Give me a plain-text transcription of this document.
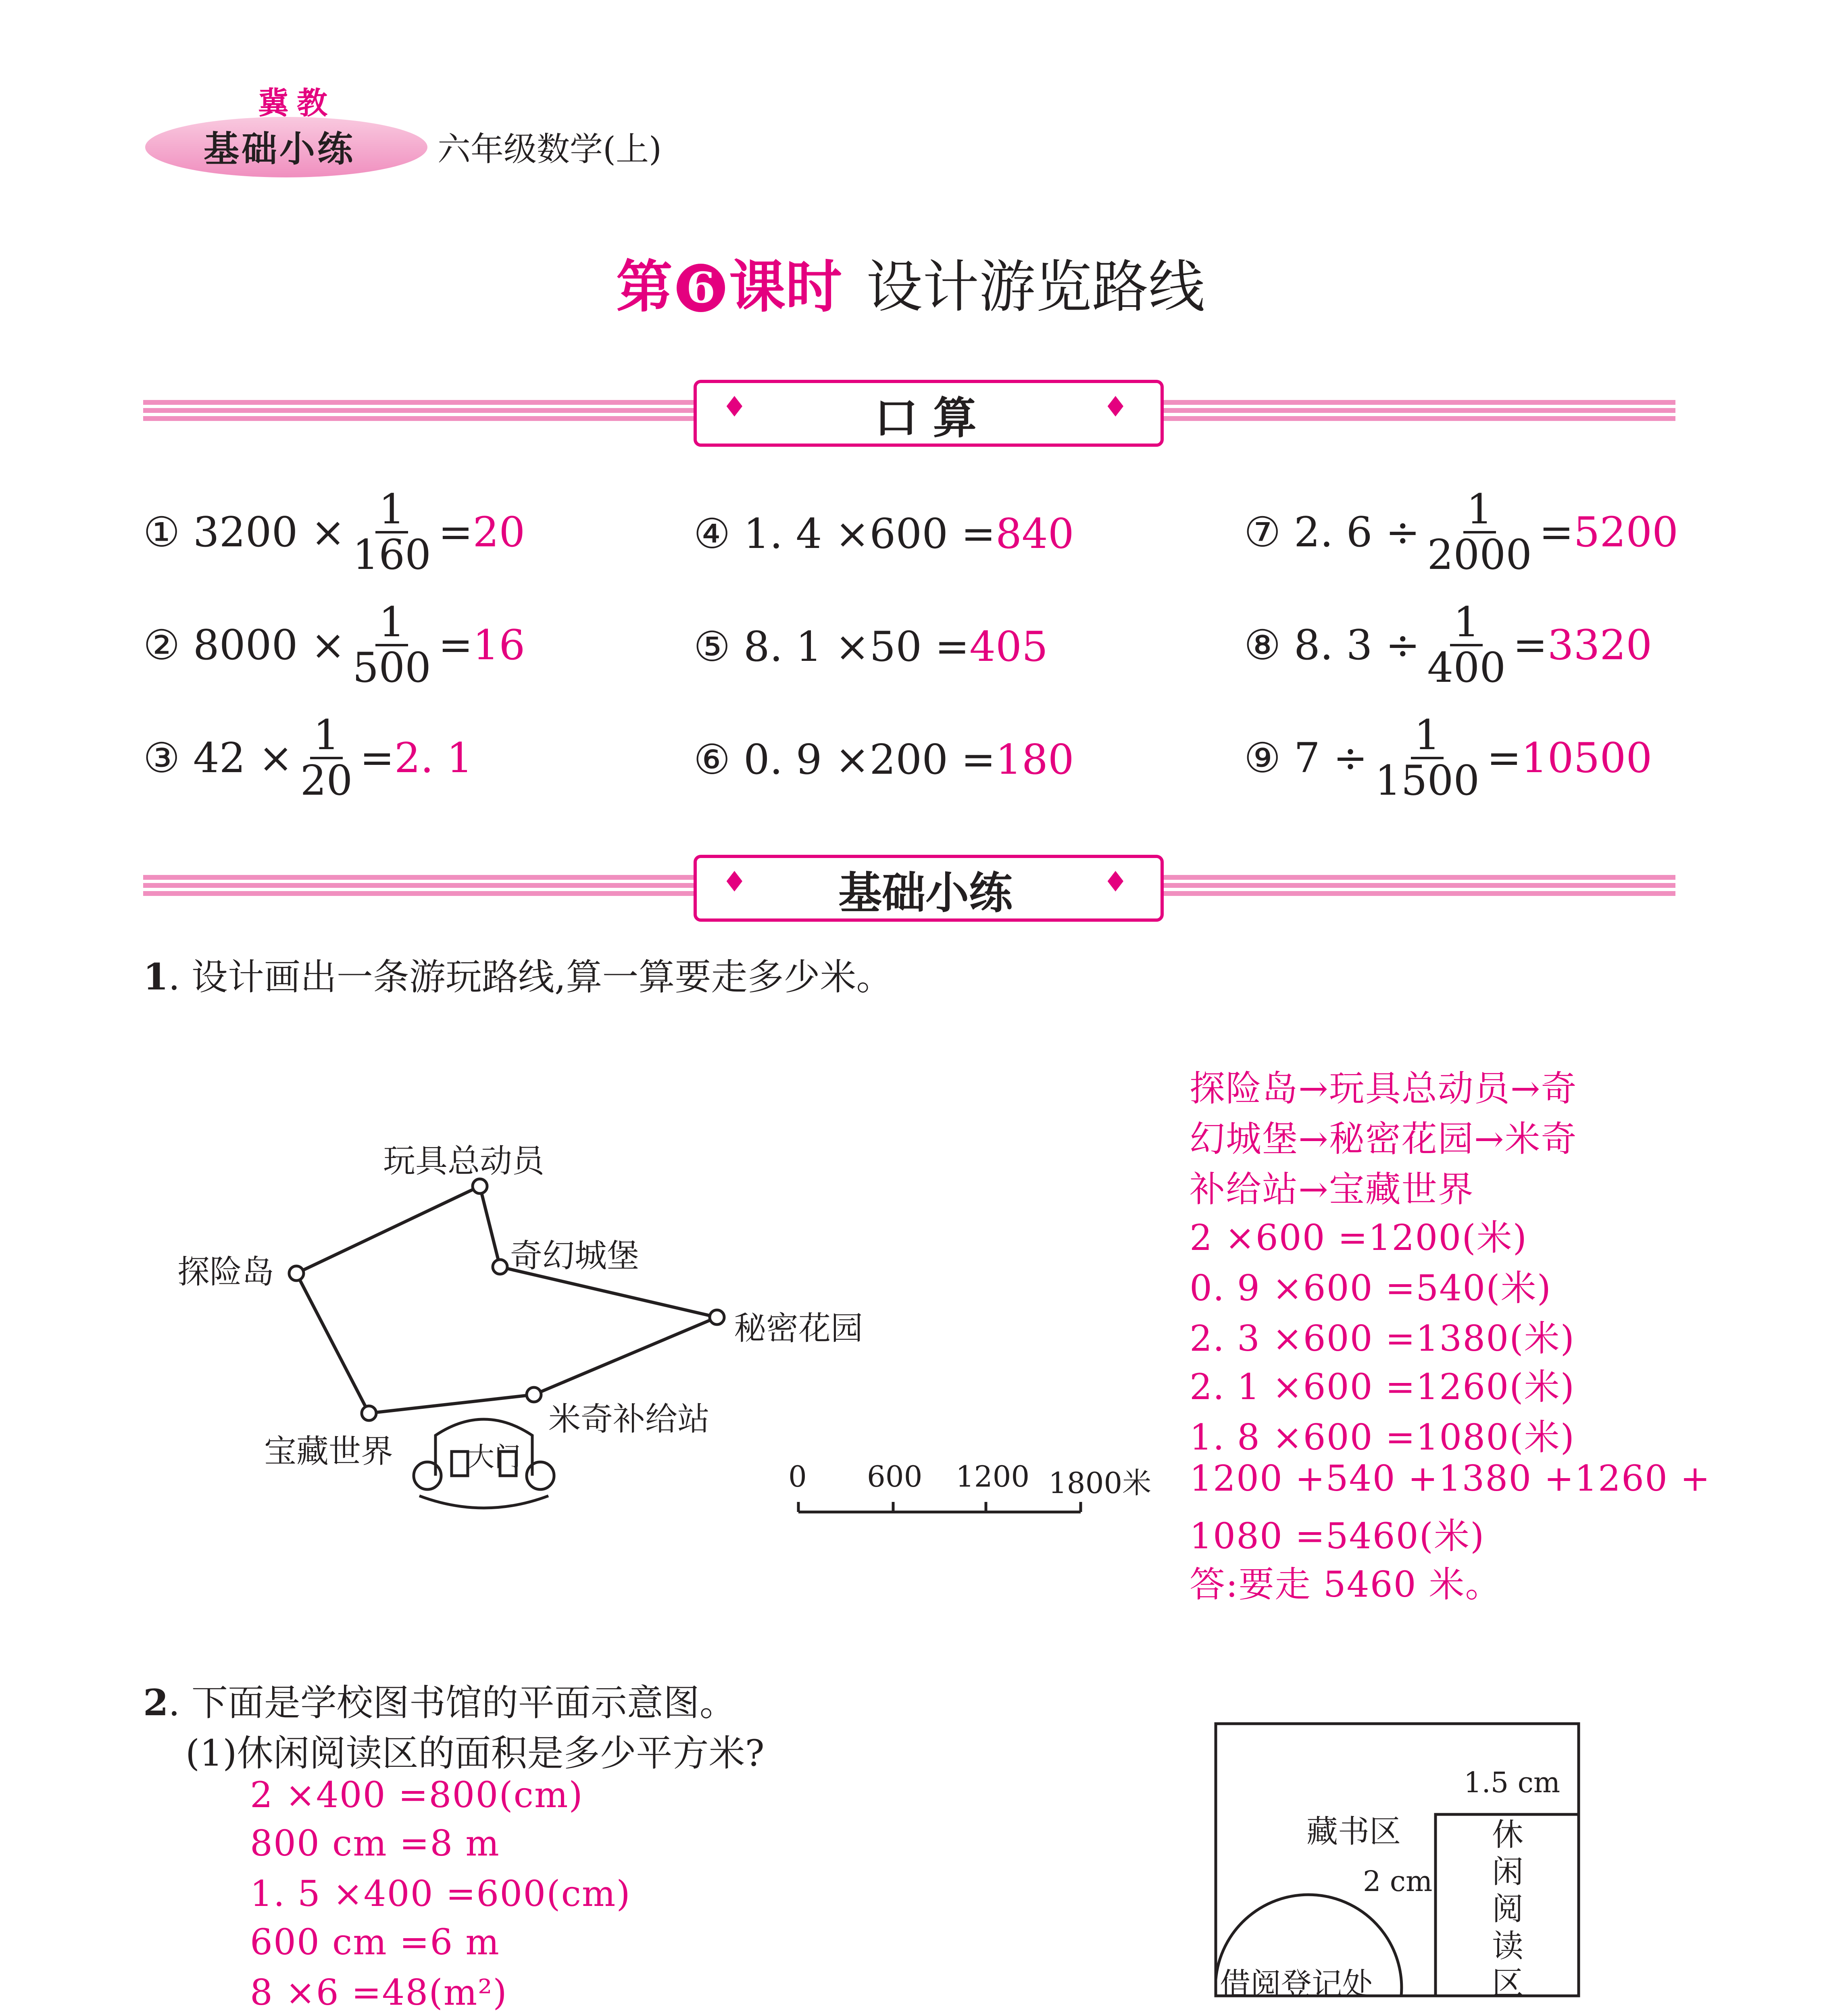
冀教
基础小练 六年级数学(上)
第 6 课时 设计游览路线
♦	♦
口 算
①
$3200 \times \frac{1}{160} = 20$
②
$8000 \times \frac{1}{500} = 16$
③
$42 \times \frac{1}{20} = 2$. 1
④
1. 4 ×600
= 840
⑤
8. 1 ×50
= 405
⑥
0. 9 ×200
= 180
⑦
2. $6 \div \frac{1}{2000} = 5200$
⑧
8. $3 \div \frac{1}{400} = 3320$
⑨
$7 \div \frac{1}{1500} = 10500$
♦	♦
基础小练
1. 设计画出一条游玩路线,算一算要走多少米。
玩具总动员
探险岛	奇幻城堡
秘密花园
米奇补给站
宝藏世界	大门
0 600 1200 1800米
探险岛→玩具总动员→奇
幻城堡→秘密花园→米奇
补给站→宝藏世界
2 ×600 =1200(米)
0. 9 ×600 =540(米)
2. 3 ×600 =1380(米)
2. 1 ×600 =1260(米)
1. 8 ×600 =1080(米)
1200 +540 +1380 +1260 +
1080 =5460(米)
答:要走 5460 米。
2. 下面是学校图书馆的平面示意图。
(1)休闲阅读区的面积是多少平方米?
2 ×400 =800(cm)
800 cm =8 m
1. 5 ×400 =600(cm)
600 cm =6 m
8 ×6 =48(m²)
1.5 cm
藏书区
2 cm
休
闲
阅
读
区
借阅登记处
